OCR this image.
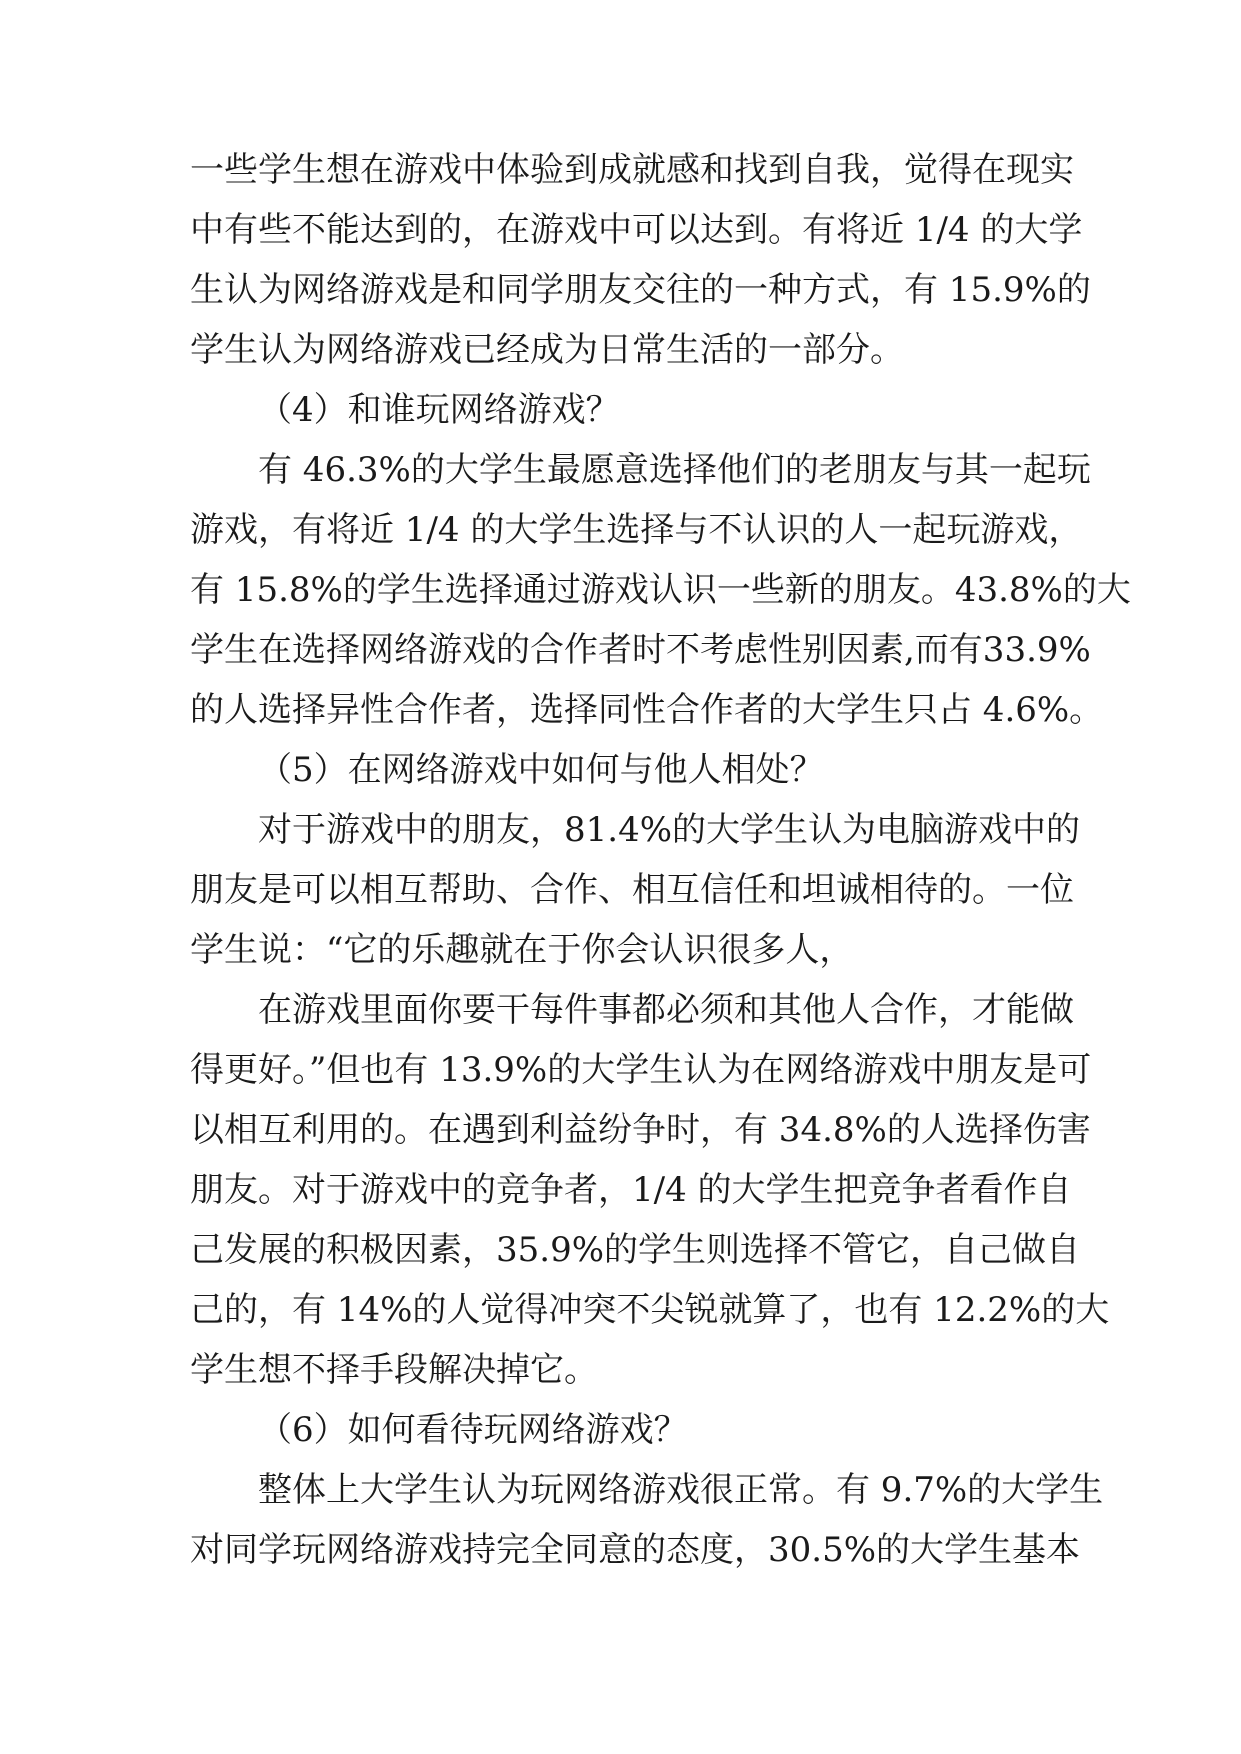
一些学生想在游戏中体验到成就感和找到自我，觉得在现实
中有些不能达到的，在游戏中可以达到。有将近 1/4 的大学
生认为网络游戏是和同学朋友交往的一种方式，有 15.9%的
学生认为网络游戏已经成为日常生活的一部分。
（4）和谁玩网络游戏？
有 46.3%的大学生最愿意选择他们的老朋友与其一起玩
游戏，有将近 1/4 的大学生选择与不认识的人一起玩游戏，
有 15.8%的学生选择通过游戏认识一些新的朋友。43.8%的大
学生在选择网络游戏的合作者时不考虑性别因素,而有33.9%
的人选择异性合作者，选择同性合作者的大学生只占 4.6%。
（5）在网络游戏中如何与他人相处？
对于游戏中的朋友，81.4%的大学生认为电脑游戏中的
朋友是可以相互帮助、合作、相互信任和坦诚相待的。一位
学生说：“它的乐趣就在于你会认识很多人，
在游戏里面你要干每件事都必须和其他人合作，才能做
得更好。”但也有 13.9%的大学生认为在网络游戏中朋友是可
以相互利用的。在遇到利益纷争时，有 34.8%的人选择伤害
朋友。对于游戏中的竞争者，1/4 的大学生把竞争者看作自
己发展的积极因素，35.9%的学生则选择不管它，自己做自
己的，有 14%的人觉得冲突不尖锐就算了，也有 12.2%的大
学生想不择手段解决掉它。
（6）如何看待玩网络游戏？
整体上大学生认为玩网络游戏很正常。有 9.7%的大学生
对同学玩网络游戏持完全同意的态度，30.5%的大学生基本
